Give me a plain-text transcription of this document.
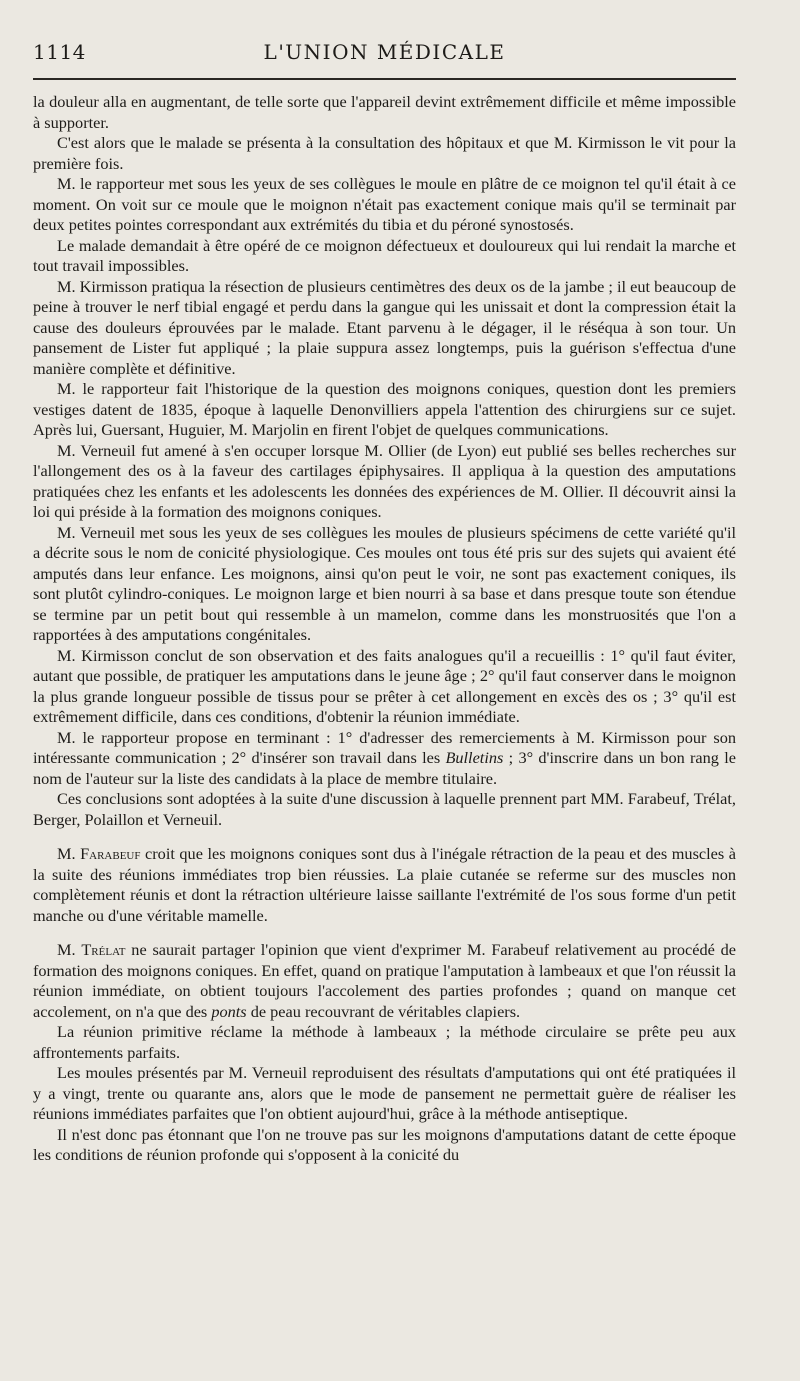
1114	L'UNION MÉDICALE

la douleur alla en augmentant, de telle sorte que l'appareil devint extrêmement difficile et même impossible à supporter.

C'est alors que le malade se présenta à la consultation des hôpitaux et que M. Kirmisson le vit pour la première fois.

M. le rapporteur met sous les yeux de ses collègues le moule en plâtre de ce moignon tel qu'il était à ce moment. On voit sur ce moule que le moignon n'était pas exactement conique mais qu'il se terminait par deux petites pointes correspondant aux extrémités du tibia et du péroné synostosés.

Le malade demandait à être opéré de ce moignon défectueux et douloureux qui lui rendait la marche et tout travail impossibles.

M. Kirmisson pratiqua la résection de plusieurs centimètres des deux os de la jambe ; il eut beaucoup de peine à trouver le nerf tibial engagé et perdu dans la gangue qui les unissait et dont la compression était la cause des douleurs éprouvées par le malade. Etant parvenu à le dégager, il le réséqua à son tour. Un pansement de Lister fut appliqué ; la plaie suppura assez longtemps, puis la guérison s'effectua d'une manière complète et définitive.

M. le rapporteur fait l'historique de la question des moignons coniques, question dont les premiers vestiges datent de 1835, époque à laquelle Denonvilliers appela l'attention des chirurgiens sur ce sujet. Après lui, Guersant, Huguier, M. Marjolin en firent l'objet de quelques communications.

M. Verneuil fut amené à s'en occuper lorsque M. Ollier (de Lyon) eut publié ses belles recherches sur l'allongement des os à la faveur des cartilages épiphysaires. Il appliqua à la question des amputations pratiquées chez les enfants et les adolescents les données des expériences de M. Ollier. Il découvrit ainsi la loi qui préside à la formation des moignons coniques.

M. Verneuil met sous les yeux de ses collègues les moules de plusieurs spécimens de cette variété qu'il a décrite sous le nom de conicité physiologique. Ces moules ont tous été pris sur des sujets qui avaient été amputés dans leur enfance. Les moignons, ainsi qu'on peut le voir, ne sont pas exactement coniques, ils sont plutôt cylindro-coniques. Le moignon large et bien nourri à sa base et dans presque toute son étendue se termine par un petit bout qui ressemble à un mamelon, comme dans les monstruosités que l'on a rapportées à des amputations congénitales.

M. Kirmisson conclut de son observation et des faits analogues qu'il a recueillis : 1° qu'il faut éviter, autant que possible, de pratiquer les amputations dans le jeune âge ; 2° qu'il faut conserver dans le moignon la plus grande longueur possible de tissus pour se prêter à cet allongement en excès des os ; 3° qu'il est extrêmement difficile, dans ces conditions, d'obtenir la réunion immédiate.

M. le rapporteur propose en terminant : 1° d'adresser des remerciements à M. Kirmisson pour son intéressante communication ; 2° d'insérer son travail dans les Bulletins ; 3° d'inscrire dans un bon rang le nom de l'auteur sur la liste des candidats à la place de membre titulaire.

Ces conclusions sont adoptées à la suite d'une discussion à laquelle prennent part MM. Farabeuf, Trélat, Berger, Polaillon et Verneuil.

M. Farabeuf croit que les moignons coniques sont dus à l'inégale rétraction de la peau et des muscles à la suite des réunions immédiates trop bien réussies. La plaie cutanée se referme sur des muscles non complètement réunis et dont la rétraction ultérieure laisse saillante l'extrémité de l'os sous forme d'un petit manche ou d'une véritable mamelle.

M. Trélat ne saurait partager l'opinion que vient d'exprimer M. Farabeuf relativement au procédé de formation des moignons coniques. En effet, quand on pratique l'amputation à lambeaux et que l'on réussit la réunion immédiate, on obtient toujours l'accolement des parties profondes ; quand on manque cet accolement, on n'a que des ponts de peau recouvrant de véritables clapiers.

La réunion primitive réclame la méthode à lambeaux ; la méthode circulaire se prête peu aux affrontements parfaits.

Les moules présentés par M. Verneuil reproduisent des résultats d'amputations qui ont été pratiquées il y a vingt, trente ou quarante ans, alors que le mode de pansement ne permettait guère de réaliser les réunions immédiates parfaites que l'on obtient aujourd'hui, grâce à la méthode antiseptique.

Il n'est donc pas étonnant que l'on ne trouve pas sur les moignons d'amputations datant de cette époque les conditions de réunion profonde qui s'opposent à la conicité du
